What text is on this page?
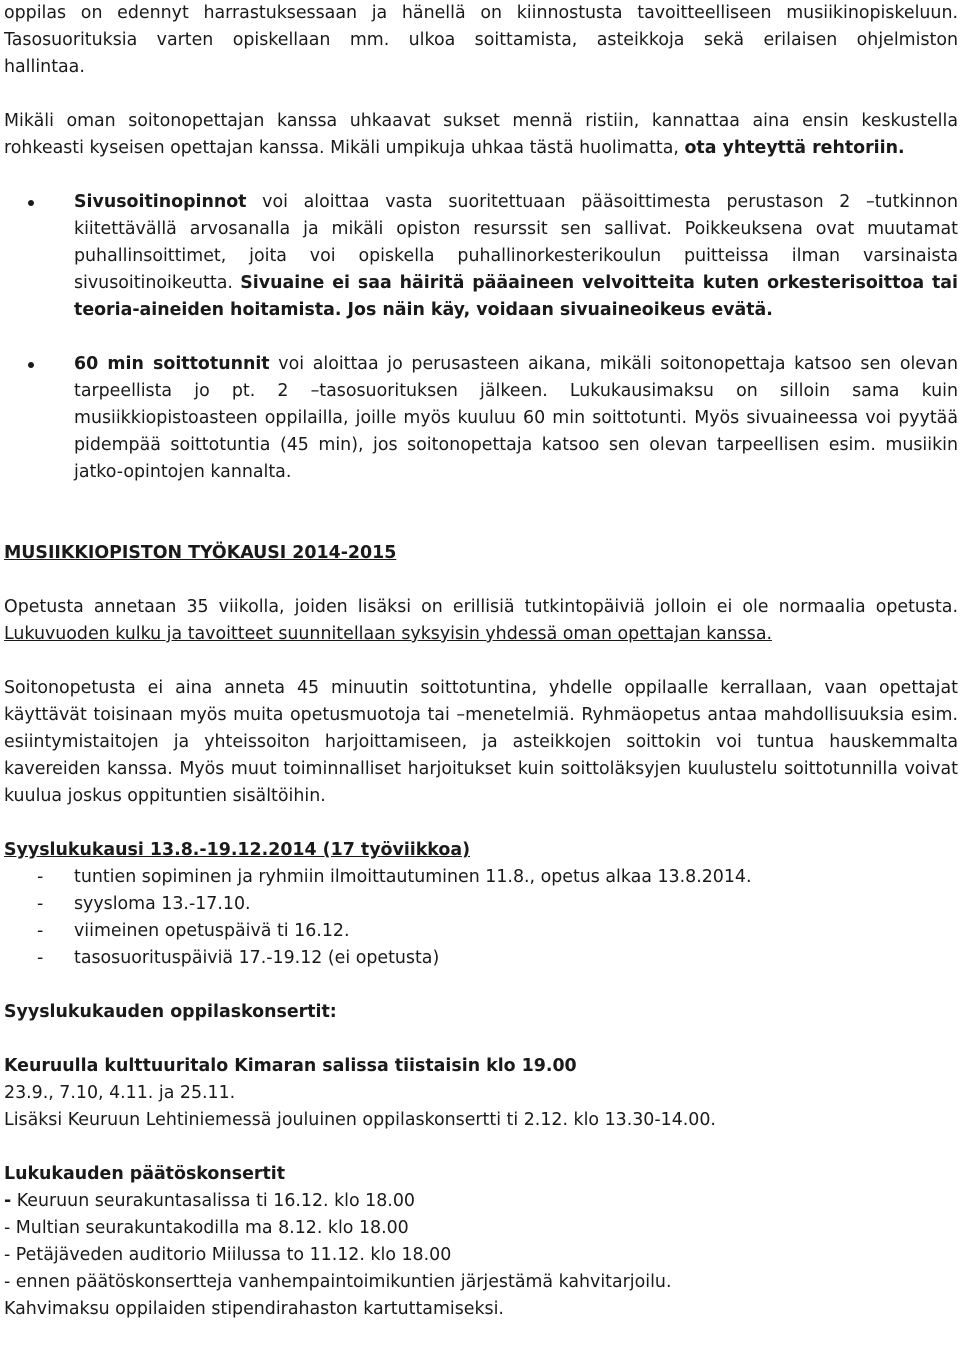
oppilas on edennyt harrastuksessaan ja hänellä on kiinnostusta tavoitteelliseen musiikinopiskeluun.
Tasosuorituksia varten opiskellaan mm. ulkoa soittamista, asteikkoja sekä erilaisen ohjelmiston
hallintaa.

Mikäli oman soitonopettajan kanssa uhkaavat sukset mennä ristiin, kannattaa aina ensin keskustella rohkeasti kyseisen opettajan kanssa. Mikäli umpikuja uhkaa tästä huolimatta, ota yhteyttä rehtoriin.

Sivusoitinopinnot voi aloittaa vasta suoritettuaan pääsoittimesta perustason 2 –tutkinnon kiitettävällä arvosanalla ja mikäli opiston resurssit sen sallivat. Poikkeuksena ovat muutamat puhallinsoittimet, joita voi opiskella puhallinorkesterikoulun puitteissa ilman varsinaista sivusoitinoikeutta. Sivuaine ei saa häiritä pääaineen velvoitteita kuten orkesterisoittoa tai teoria-aineiden hoitamista. Jos näin käy, voidaan sivuaineoikeus evätä.
60 min soittotunnit voi aloittaa jo perusasteen aikana, mikäli soitonopettaja katsoo sen olevan tarpeellista jo pt. 2 –tasosuorituksen jälkeen. Lukukausimaksu on silloin sama kuin musiikkiopistoasteen oppilailla, joille myös kuuluu 60 min soittotunti. Myös sivuaineessa voi pyytää pidempää soittotuntia (45 min), jos soitonopettaja katsoo sen olevan tarpeellisen esim. musiikin jatko-opintojen kannalta.
MUSIIKKIOPISTON TYÖKAUSI 2014-2015

Opetusta annetaan 35 viikolla, joiden lisäksi on erillisiä tutkintopäiviä jolloin ei ole normaalia opetusta. Lukuvuoden kulku ja tavoitteet suunnitellaan syksyisin yhdessä oman opettajan kanssa.

Soitonopetusta ei aina anneta 45 minuutin soittotuntina, yhdelle oppilaalle kerrallaan, vaan opettajat käyttävät toisinaan myös muita opetusmuotoja tai –menetelmiä. Ryhmäopetus antaa mahdollisuuksia esim. esiintymistaitojen ja yhteissoiton harjoittamiseen, ja asteikkojen soittokin voi tuntua hauskemmalta kavereiden kanssa. Myös muut toiminnalliset harjoitukset kuin soittoläksyjen kuulustelu soittotunnilla voivat kuulua joskus oppituntien sisältöihin.

Syyslukukausi 13.8.-19.12.2014 (17 työviikkoa)
- tuntien sopiminen ja ryhmiin ilmoittautuminen 11.8., opetus alkaa 13.8.2014.
- syysloma 13.-17.10.
- viimeinen opetuspäivä ti 16.12.
- tasosuorituspäiviä 17.-19.12 (ei opetusta)
Syyslukukauden oppilaskonsertit:
Keuruulla kulttuuritalo Kimaran salissa tiistaisin klo 19.00
23.9., 7.10, 4.11. ja 25.11.
Lisäksi Keuruun Lehtiniemessä jouluinen oppilaskonsertti ti 2.12. klo 13.30-14.00.
Lukukauden päätöskonsertit
- Keuruun seurakuntasalissa ti 16.12. klo 18.00
- Multian seurakuntakodilla ma 8.12. klo 18.00
- Petäjäveden auditorio Miilussa to 11.12. klo 18.00
- ennen päätöskonsertteja vanhempaintoimikuntien järjestämä kahvitarjoilu.
Kahvimaksu oppilaiden stipendirahaston kartuttamiseksi.
